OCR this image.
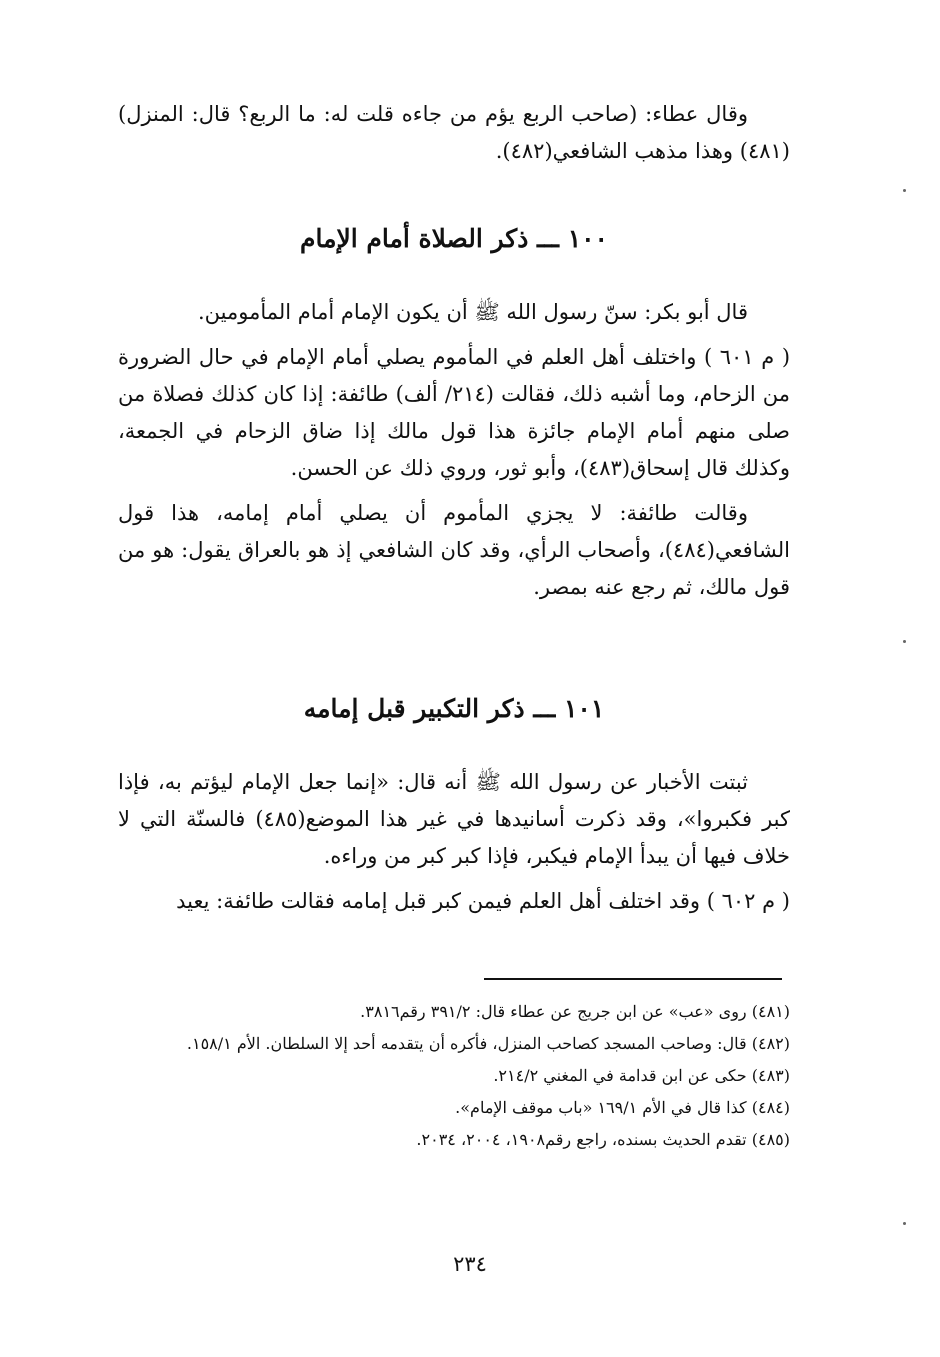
وقال عطاء: (صاحب الربع يؤم من جاءه قلت له: ما الربع؟ قال: المنزل)(٤٨١) وهذا مذهب الشافعي(٤٨٢).

١٠٠ ـــ ذكر الصلاة أمام الإمام

قال أبو بكر: سنّ رسول الله ﷺ أن يكون الإمام أمام المأمومين.

( م ٦٠١ ) واختلف أهل العلم في المأموم يصلي أمام الإمام في حال الضرورة من الزحام، وما أشبه ذلك، فقالت (٢١٤/ ألف) طائفة: إذا كان كذلك فصلاة من صلى منهم أمام الإمام جائزة هذا قول مالك إذا ضاق الزحام في الجمعة، وكذلك قال إسحاق(٤٨٣)، وأبو ثور، وروي ذلك عن الحسن.

وقالت طائفة: لا يجزي المأموم أن يصلي أمام إمامه، هذا قول الشافعي(٤٨٤)، وأصحاب الرأي، وقد كان الشافعي إذ هو بالعراق يقول: هو من قول مالك، ثم رجع عنه بمصر.

١٠١ ـــ ذكر التكبير قبل إمامه

ثبتت الأخبار عن رسول الله ﷺ أنه قال: «إنما جعل الإمام ليؤتم به، فإذا كبر فكبروا»، وقد ذكرت أسانيدها في غير هذا الموضع(٤٨٥) فالسنّة التي لا خلاف فيها أن يبدأ الإمام فيكبر، فإذا كبر كبر من وراءه.

( م ٦٠٢ ) وقد اختلف أهل العلم فيمن كبر قبل إمامه فقالت طائفة: يعيد

(٤٨١) روى «عب» عن ابن جريج عن عطاء قال: ٣٩١/٢ رقم٣٨١٦.

(٤٨٢) قال: وصاحب المسجد كصاحب المنزل، فأكره أن يتقدمه أحد إلا السلطان. الأم ١٥٨/١.

(٤٨٣) حكى عن ابن قدامة في المغني ٢١٤/٢.

(٤٨٤) كذا قال في الأم ١٦٩/١ «باب موقف الإمام».

(٤٨٥) تقدم الحديث بسنده، راجع رقم١٩٠٨، ٢٠٠٤، ٢٠٣٤.

٢٣٤
